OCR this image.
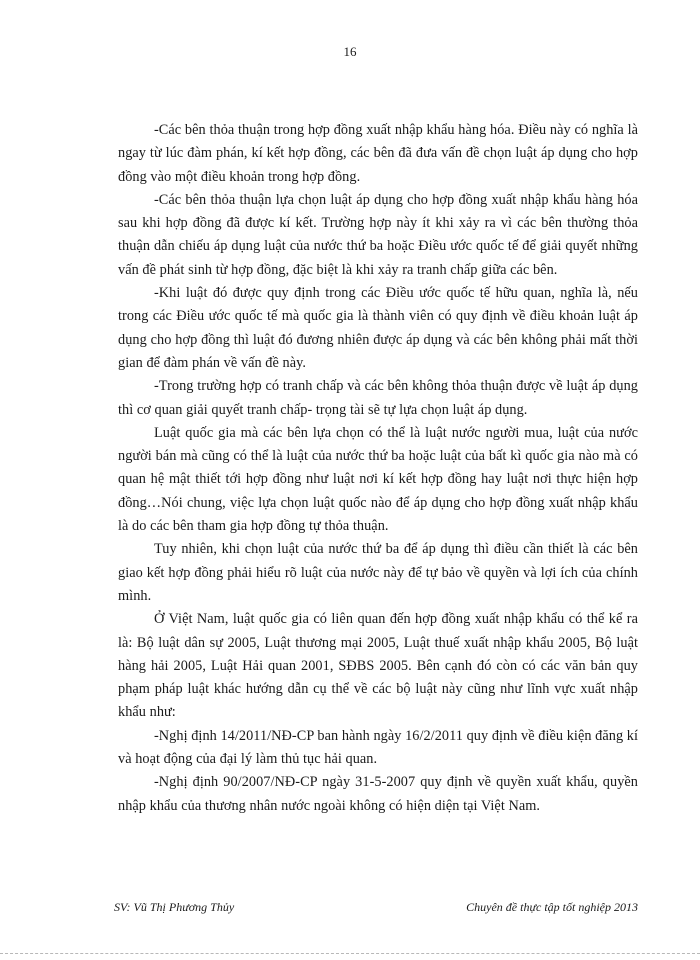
16

-Các bên thỏa thuận trong hợp đồng xuất nhập khẩu hàng hóa. Điều này có nghĩa là ngay từ lúc đàm phán, kí kết hợp đồng, các bên đã đưa vấn đề chọn luật áp dụng cho hợp đồng vào một điều khoản trong hợp đồng.

-Các bên thỏa thuận lựa chọn luật áp dụng cho hợp đồng xuất nhập khẩu hàng hóa sau khi hợp đồng đã được kí kết. Trường hợp này ít khi xảy ra vì các bên thường thỏa thuận dẫn chiếu áp dụng luật của nước thứ ba hoặc Điều ước quốc tế để giải quyết những vấn đề phát sinh từ hợp đồng, đặc biệt là khi xảy ra tranh chấp giữa các bên.

-Khi luật đó được quy định trong các Điều ước quốc tế hữu quan, nghĩa là, nếu trong các Điều ước quốc tế mà quốc gia là thành viên có quy định về điều khoản luật áp dụng cho hợp đồng thì luật đó đương nhiên được áp dụng và các bên không phải mất thời gian để đàm phán về vấn đề này.

-Trong trường hợp có tranh chấp và các bên không thỏa thuận được về luật áp dụng thì cơ quan giải quyết tranh chấp- trọng tài sẽ tự lựa chọn luật áp dụng.

Luật quốc gia mà các bên lựa chọn có thể là luật nước người mua, luật của nước người bán mà cũng có thể là luật của nước thứ ba hoặc luật của bất kì quốc gia nào mà có quan hệ mật thiết tới hợp đồng như luật nơi kí kết hợp đồng hay luật nơi thực hiện hợp đồng…Nói chung, việc lựa chọn luật quốc nào để áp dụng cho hợp đồng xuất nhập khẩu là do các bên tham gia hợp đồng tự thỏa thuận.

Tuy nhiên, khi chọn luật của nước thứ ba để áp dụng thì điều cần thiết là các bên giao kết hợp đồng phải hiểu rõ luật của nước này để tự bảo về quyền và lợi ích của chính mình.

Ở Việt Nam, luật quốc gia có liên quan đến hợp đồng xuất nhập khẩu có thể kể ra là: Bộ luật dân sự 2005, Luật thương mại 2005, Luật thuế xuất nhập khẩu 2005, Bộ luật hàng hải 2005, Luật Hải quan 2001, SĐBS 2005. Bên cạnh đó còn có các văn bản quy phạm pháp luật khác hướng dẫn cụ thể về các bộ luật này cũng như lĩnh vực xuất nhập khẩu như:

-Nghị định 14/2011/NĐ-CP ban hành ngày 16/2/2011 quy định về điều kiện đăng kí và hoạt động của đại lý làm thủ tục hải quan.

-Nghị định 90/2007/NĐ-CP ngày 31-5-2007 quy định về quyền xuất khẩu, quyền nhập khẩu của thương nhân nước ngoài không có hiện diện tại Việt Nam.

SV: Vũ Thị Phương Thủy	Chuyên đề thực tập tốt nghiệp 2013
